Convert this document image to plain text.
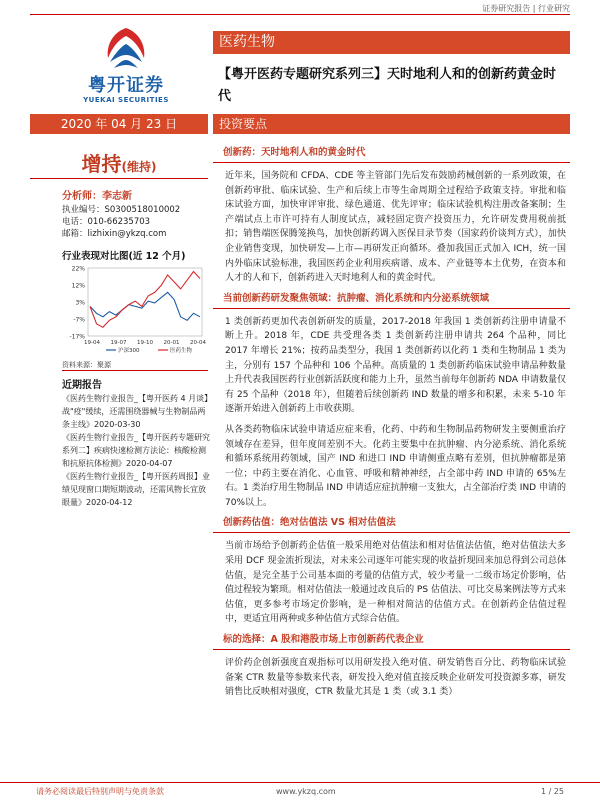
证券研究报告 | 行业研究
粤开证券
YUEKAI SECURITIES
医药生物
【粤开医药专题研究系列三】天时地利人和的创新药黄金时代
2020 年 04 月 23 日	投资要点
增持(维持)
分析师：李志新
执业编号：S0300518010002
电话：010-66235703
邮箱：lizhixin@ykzq.com
行业表现对比图(近 12 个月)
22%
12%
3%
-7%
-17%
19-04 19-07 19-10 20-01 20-04
沪深300	医药生物
资料来源：聚源
近期报告

《医药生物行业报告_【粤开医药 4 月谈】战"疫"缓续，还需围绕器械与生物制品两条主线》2020-03-30

《医药生物行业报告_【粤开医药专题研究系列二】疾病快速检测方法论：核酸检测和抗原抗体检测》2020-04-07

《医药生物行业报告_【粤开医药周报】业绩见现窗口期短期波动，还需风物长宜放眼量》2020-04-12

创新药：天时地利人和的黄金时代

近年来，国务院和 CFDA、CDE 等主管部门先后发布鼓励药械创新的一系列政策，在创新药审批、临床试验、生产和后续上市等生命周期全过程给予政策支持。审批和临床试验方面，加快审评审批、绿色通道、优先评审；临床试验机构注册改备案制；生产端试点上市许可持有人制度试点，减轻固定资产投资压力，允许研发费用税前抵扣；销售端医保腾笼换鸟，加快创新药调入医保目录节奏（国家药价谈判方式），加快企业销售变现，加快研发—上市—再研发正向循环。叠加我国正式加入 ICH，统一国内外临床试验标准，我国医药企业利用疾病谱、成本、产业链等本土优势，在资本和人才的人和下，创新药进入天时地利人和的黄金时代。

当前创新药研发聚焦领域：抗肿瘤、消化系统和内分泌系统领域

1 类创新药更加代表创新研发的质量，2017-2018 年我国 1 类创新药注册申请量不断上升。2018 年，CDE 共受理各类 1 类创新药注册申请共 264 个品种，同比 2017 年增长 21%；按药品类型分，我国 1 类创新药以化药 1 类和生物制品 1 类为主，分别有 157 个品种和 106 个品种。高质量的 1 类创新药临床试验申请品种数量上升代表我国医药行业创新活跃度和能力上升，虽然当前每年创新药 NDA 申请数量仅有 25 个品种（2018 年），但随着后续创新药 IND 数量的增多和积累，未来 5-10 年逐渐开始进入创新药上市收获期。

从各类药物临床试验申请适应症来看，化药、中药和生物制品药物研发主要侧重治疗领域存在差异，但年度间差别不大。化药主要集中在抗肿瘤、内分泌系统、消化系统和循环系统用药领域，国产 IND 和进口 IND 申请侧重点略有差别，但抗肿瘤都是第一位；中药主要在消化、心血管、呼吸和精神神经，占全部中药 IND 申请的 65%左右。1 类治疗用生物制品 IND 申请适应症抗肿瘤一支独大，占全部治疗类 IND 申请的 70%以上。

创新药估值：绝对估值法 VS 相对估值法

当前市场给予创新药企估值一般采用绝对估值法和相对估值法估值，绝对估值法大多采用 DCF 现金流折现法，对未来公司逐年可能实现的收益折现回来加总得到公司总体估值，是完全基于公司基本面的考量的估值方式，较少考量一二级市场定价影响，估值过程较为繁琐。相对估值法一般通过改良后的 PS 估值法、可比交易案例法等方式来估值，更多参考市场定价影响，是一种相对简洁的估值方式。在创新药企估值过程中，更适宜用两种或多种估值方式综合估值。

标的选择：A 股和港股市场上市创新药代表企业

评价药企创新强度直观指标可以用研发投入绝对值、研发销售百分比、药物临床试验备案 CTR 数量等参数来代表，研发投入绝对值直接反映企业研发可投资源多寡，研发销售比反映相对强度，CTR 数量尤其是 1 类（或 3.1 类）

请务必阅读最后特别声明与免责条款	www.ykzq.com	1 / 25
